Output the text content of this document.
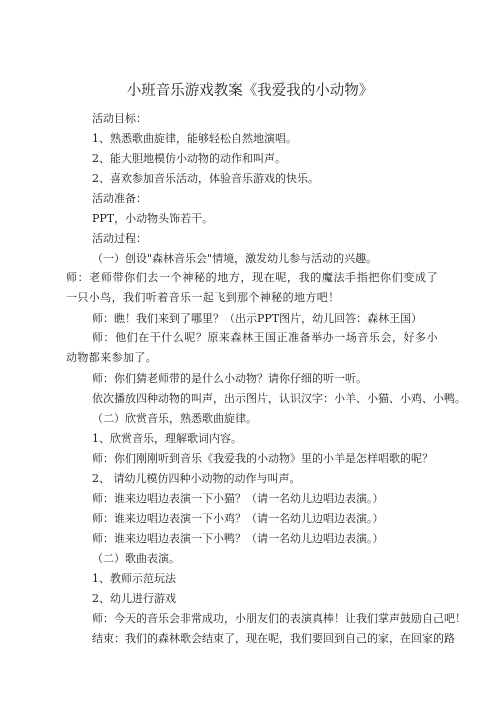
小班音乐游戏教案《我爱我的小动物》
活动目标：
1、熟悉歌曲旋律，能够轻松自然地演唱。
2、能大胆地模仿小动物的动作和叫声。
2、喜欢参加音乐活动，体验音乐游戏的快乐。
活动准备：
PPT，小动物头饰若干。
活动过程：
（一）创设"森林音乐会"情境，激发幼儿参与活动的兴趣。
师：老师带你们去一个神秘的地方，现在呢，我的魔法手指把你们变成了一只小鸟，我们听着音乐一起飞到那个神秘的地方吧！
师：瞧！我们来到了哪里？（出示PPT图片，幼儿回答：森林王国）
师：他们在干什么呢？原来森林王国正准备举办一场音乐会，好多小动物都来参加了。
师：你们猜老师带的是什么小动物？请你仔细的听一听。
依次播放四种动物的叫声，出示图片，认识汉字：小羊、小猫、小鸡、小鸭。
（二）欣赏音乐，熟悉歌曲旋律。
1、欣赏音乐，理解歌词内容。
师：你们刚刚听到音乐《我爱我的小动物》里的小羊是怎样唱歌的呢？
2、 请幼儿模仿四种小动物的动作与叫声。
师：谁来边唱边表演一下小猫？（请一名幼儿边唱边表演。）
师：谁来边唱边表演一下小鸡？（请一名幼儿边唱边表演。）
师：谁来边唱边表演一下小鸭？（请一名幼儿边唱边表演。）
（二）歌曲表演。
1、教师示范玩法
2、幼儿进行游戏
师：今天的音乐会非常成功，小朋友们的表演真棒！让我们掌声鼓励自己吧！
结束：我们的森林歌会结束了，现在呢，我们要回到自己的家，在回家的路
